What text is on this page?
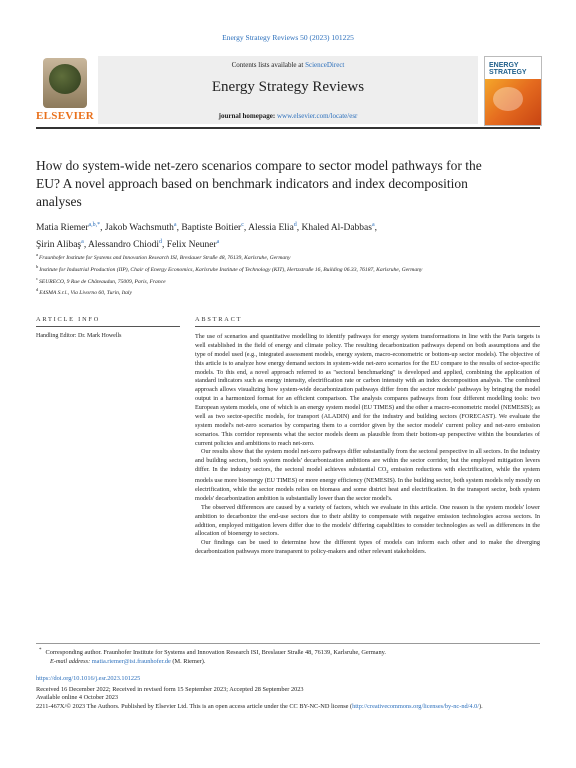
Energy Strategy Reviews 50 (2023) 101225
ELSEVIER
Contents lists available at ScienceDirect
Energy Strategy Reviews
journal homepage: www.elsevier.com/locate/esr
ENERGY
STRATEGY
How do system-wide net-zero scenarios compare to sector model pathways for the EU? A novel approach based on benchmark indicators and index decomposition analyses
Matia Riemer$^{a,b,*}$, Jakob Wachsmuth$^a$, Baptiste Boitier$^c$, Alessia Elia$^d$, Khaled Al-Dabbas$^a$,
Şirin Alibaş$^a$, Alessandro Chiodi$^d$, Felix Neuner$^a$
$^a$Fraunhofer Institute for Systems and Innovation Research ISI, Breslauer Straße 48, 76139, Karlsruhe, Germany
$^b$Institute for Industrial Production (IIP), Chair of Energy Economics, Karlsruhe Institute of Technology (KIT), Hertzstraße 16, Building 06.33, 76187, Karlsruhe, Germany
$^c$SEURECO, 9 Rue de Châteaudun, 75009, Paris, France
$^d$E4SMA S.r.l., Via Livorno 60, Turin, Italy
ARTICLE INFO
Handling Editor: Dr. Mark Howells
ABSTRACT

The use of scenarios and quantitative modelling to identify pathways for energy system transformations in line with the Paris targets is well established in the field of energy and climate policy. The resulting decarbonization pathways depend on both assumptions and the type of model used (e.g., integrated assessment models, energy system, macro-econometric or bottom-up sector models). The objective of this article is to analyze how energy demand sectors in system-wide net-zero scenarios for the EU compare to the results of sector-specific models. To this end, a novel approach referred to as "sectoral benchmarking" is developed and applied, combining the application of standard indicators such as energy intensity, electrification rate or carbon intensity with an index decomposition analysis. The combined approach allows visualizing how system-wide decarbonization pathways differ from the sector models' pathways by bringing the model output in a harmonized format for an efficient comparison. The analysis compares pathways from four different modelling tools: two European system models, one of which is an energy system model (EU TIMES) and the other a macro-econometric model (NEMESIS); as well as two sector-specific models, for transport (ALADIN) and for the industry and building sectors (FORECAST). We evaluate the system model's net-zero scenarios by comparing them to a corridor given by the sector models' current policy and net-zero emission scenarios. This corridor represents what the sector models deem as plausible from their bottom-up perspective within the boundaries of current policies and ambitions to reach net-zero.

Our results show that the system model net-zero pathways differ substantially from the sectoral perspective in all sectors. In the industry and building sectors, both system models' decarbonization ambitions are within the sector corridor, but the employed mitigation levers differ. In the industry sectors, the sectoral model achieves substantial $CO_2$ emission reductions with electrification, while the system models use more bioenergy (EU TIMES) or more energy efficiency (NEMESIS). In the building sector, both system models rely mostly on electrification, while the sector models relies on biomass and some district heat and electrification. In the transport sector, both system models' decarbonization ambition is substantially lower than the sector model's.

The observed differences are caused by a variety of factors, which we evaluate in this article. One reason is the system models' lower ambition to decarbonize the end-use sectors due to their ability to compensate with negative emission technologies across sectors. In addition, employed mitigation levers differ due to the models' differing capabilities to consider technologies as well as differences in the allocation of bioenergy to sectors.

Our findings can be used to determine how the different types of models can inform each other and to make the diverging decarbonization pathways more transparent to policy-makers and other relevant stakeholders.

* Corresponding author. Fraunhofer Institute for Systems and Innovation Research ISI, Breslauer Straße 48, 76139, Karlsruhe, Germany.
E-mail address: matia.riemer@isi.fraunhofer.de (M. Riemer).
https://doi.org/10.1016/j.esr.2023.101225
Received 16 December 2022; Received in revised form 15 September 2023; Accepted 28 September 2023
Available online 4 October 2023
2211-467X/© 2023 The Authors. Published by Elsevier Ltd. This is an open access article under the CC BY-NC-ND license (http://creativecommons.org/licenses/by-nc-nd/4.0/).
